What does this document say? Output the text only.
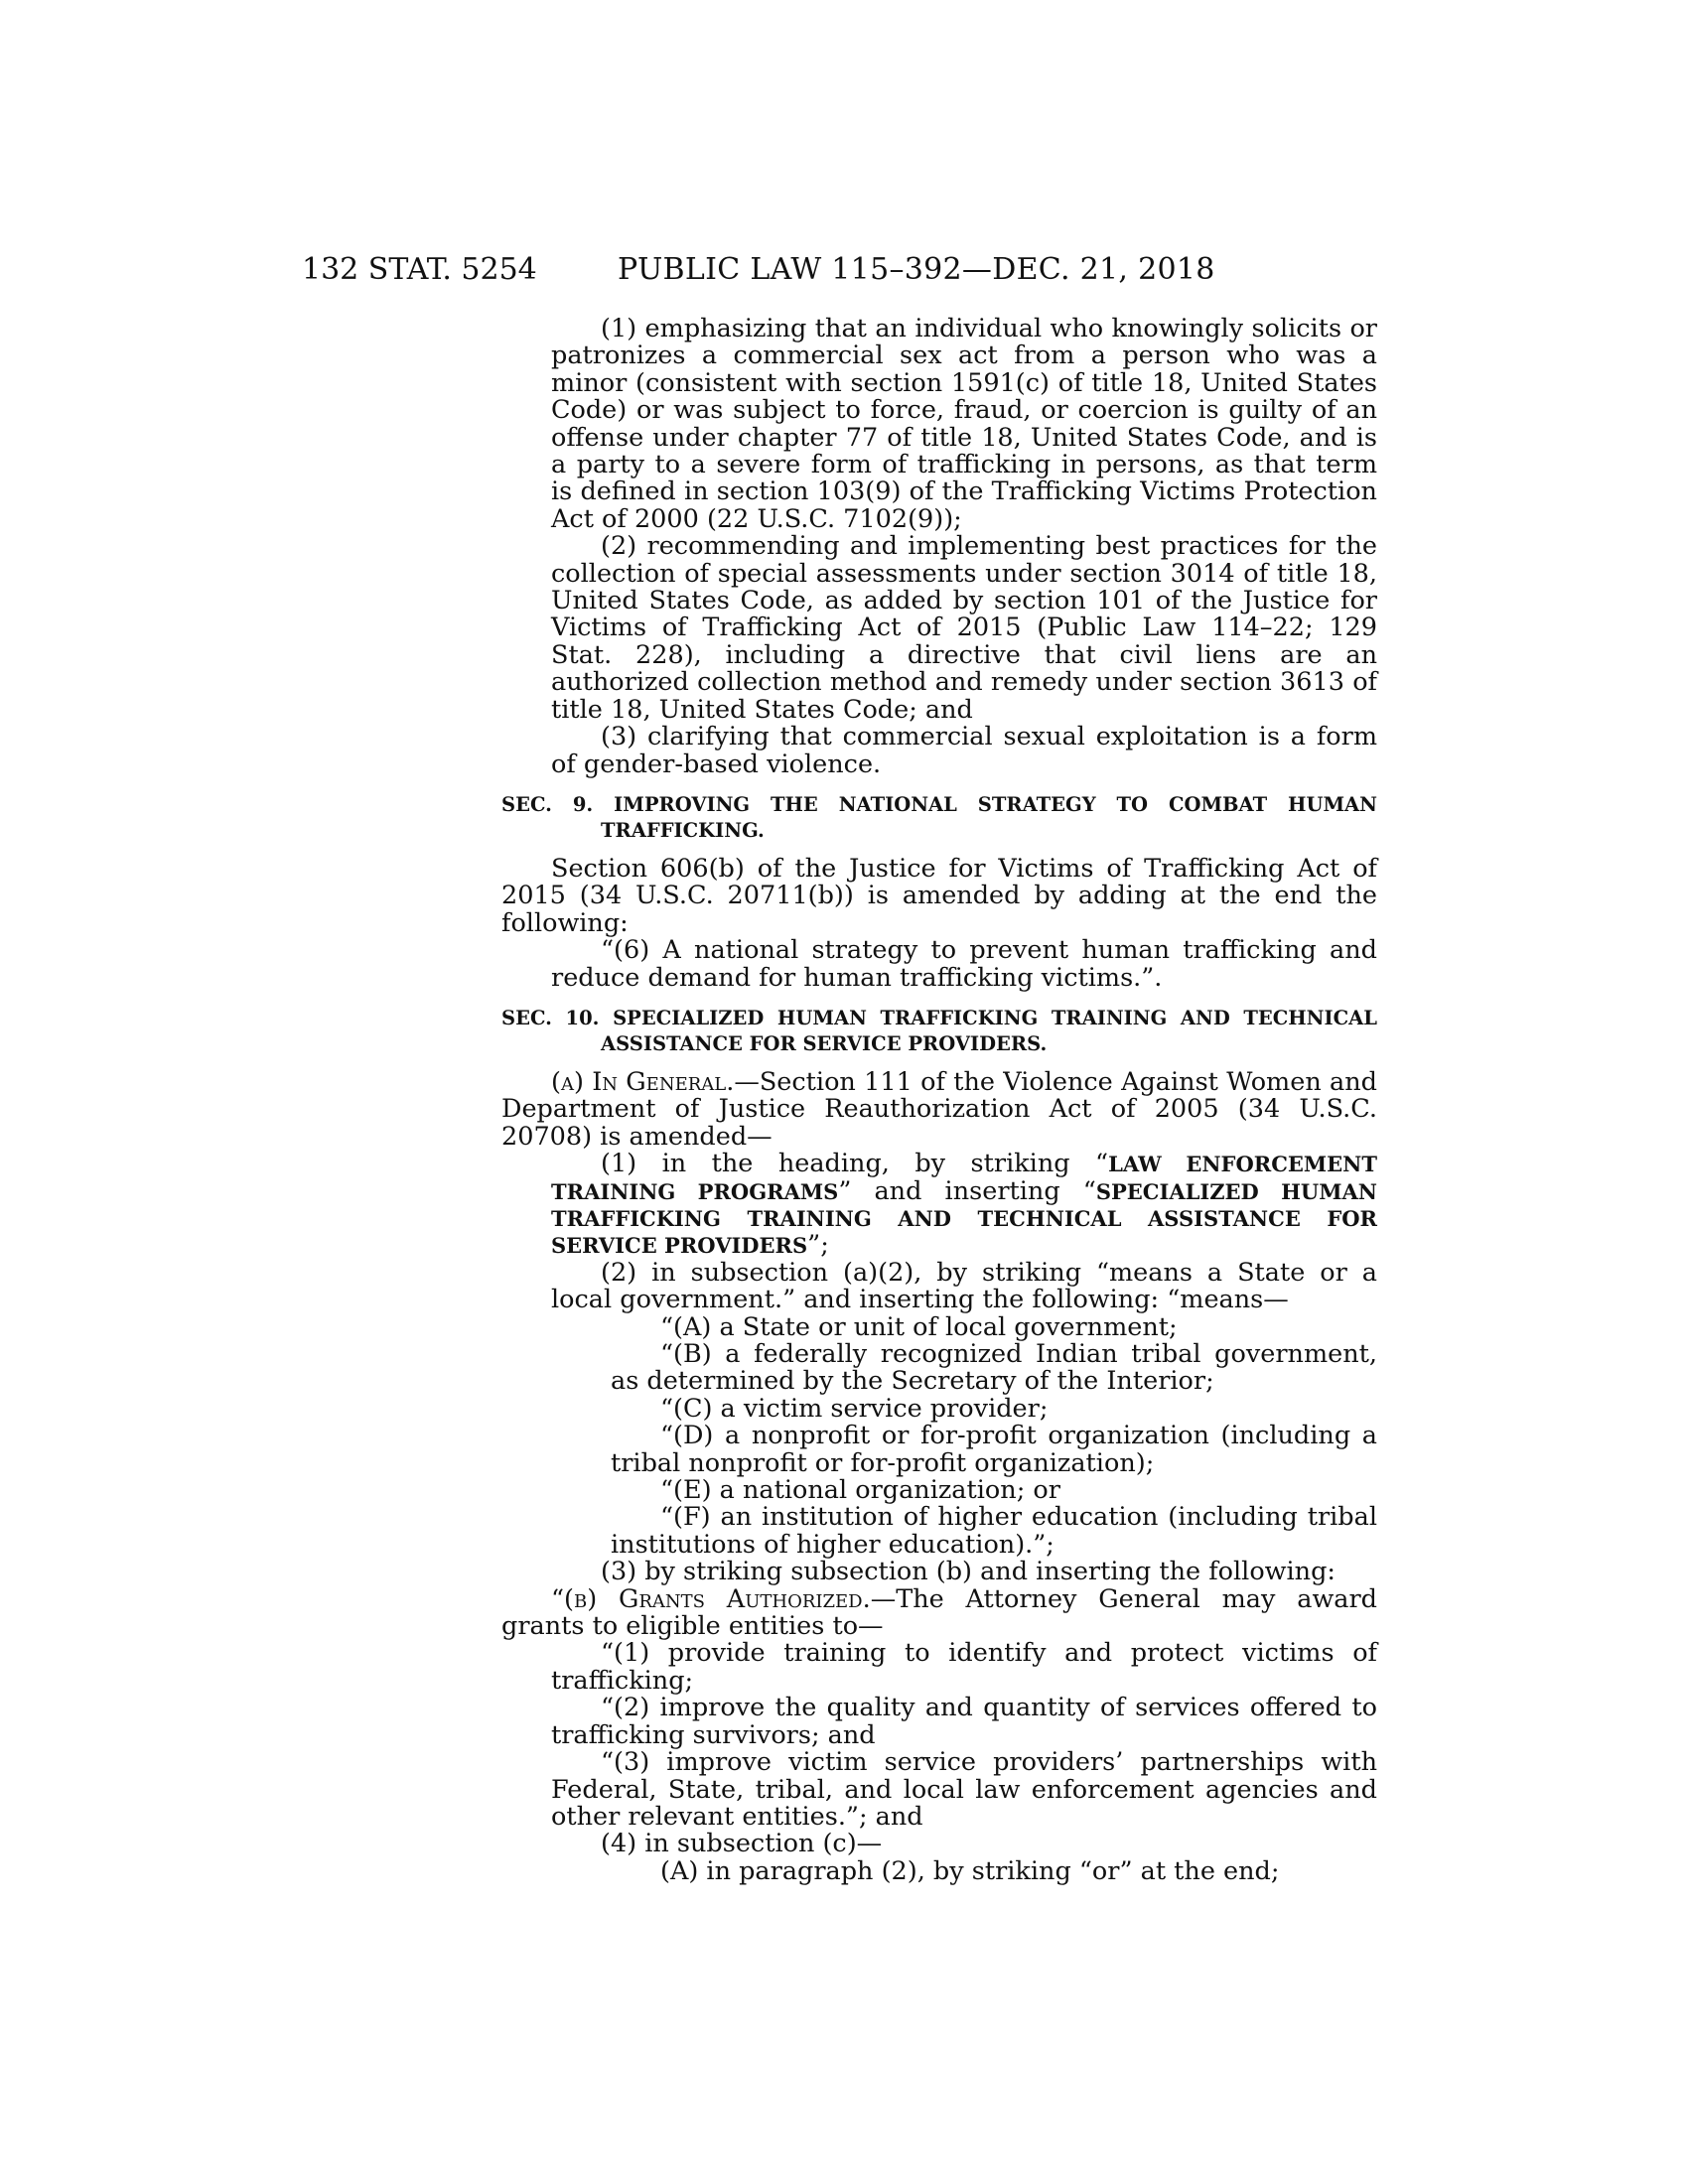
132 STAT. 5254	PUBLIC LAW 115–392—DEC. 21, 2018

(1) emphasizing that an individual who knowingly solicits or patronizes a commercial sex act from a person who was a minor (consistent with section 1591(c) of title 18, United States Code) or was subject to force, fraud, or coercion is guilty of an offense under chapter 77 of title 18, United States Code, and is a party to a severe form of trafficking in persons, as that term is defined in section 103(9) of the Trafficking Victims Protection Act of 2000 (22 U.S.C. 7102(9));

(2) recommending and implementing best practices for the collection of special assessments under section 3014 of title 18, United States Code, as added by section 101 of the Justice for Victims of Trafficking Act of 2015 (Public Law 114–22; 129 Stat. 228), including a directive that civil liens are an authorized collection method and remedy under section 3613 of title 18, United States Code; and

(3) clarifying that commercial sexual exploitation is a form of gender-based violence.

SEC. 9. IMPROVING THE NATIONAL STRATEGY TO COMBAT HUMAN TRAFFICKING.

Section 606(b) of the Justice for Victims of Trafficking Act of 2015 (34 U.S.C. 20711(b)) is amended by adding at the end the following:

“(6) A national strategy to prevent human trafficking and reduce demand for human trafficking victims.”.

SEC. 10. SPECIALIZED HUMAN TRAFFICKING TRAINING AND TECHNICAL ASSISTANCE FOR SERVICE PROVIDERS.

(a) In General.—Section 111 of the Violence Against Women and Department of Justice Reauthorization Act of 2005 (34 U.S.C. 20708) is amended—

(1) in the heading, by striking “LAW ENFORCEMENT TRAINING PROGRAMS” and inserting “SPECIALIZED HUMAN TRAFFICKING TRAINING AND TECHNICAL ASSISTANCE FOR SERVICE PROVIDERS”;

(2) in subsection (a)(2), by striking “means a State or a local government.” and inserting the following: “means—

“(A) a State or unit of local government;

“(B) a federally recognized Indian tribal government, as determined by the Secretary of the Interior;

“(C) a victim service provider;

“(D) a nonprofit or for-profit organization (including a tribal nonprofit or for-profit organization);

“(E) a national organization; or

“(F) an institution of higher education (including tribal institutions of higher education).”;

(3) by striking subsection (b) and inserting the following:

“(b) Grants Authorized.—The Attorney General may award grants to eligible entities to—

“(1) provide training to identify and protect victims of trafficking;

“(2) improve the quality and quantity of services offered to trafficking survivors; and

“(3) improve victim service providers’ partnerships with Federal, State, tribal, and local law enforcement agencies and other relevant entities.”; and

(4) in subsection (c)—

(A) in paragraph (2), by striking “or” at the end;
